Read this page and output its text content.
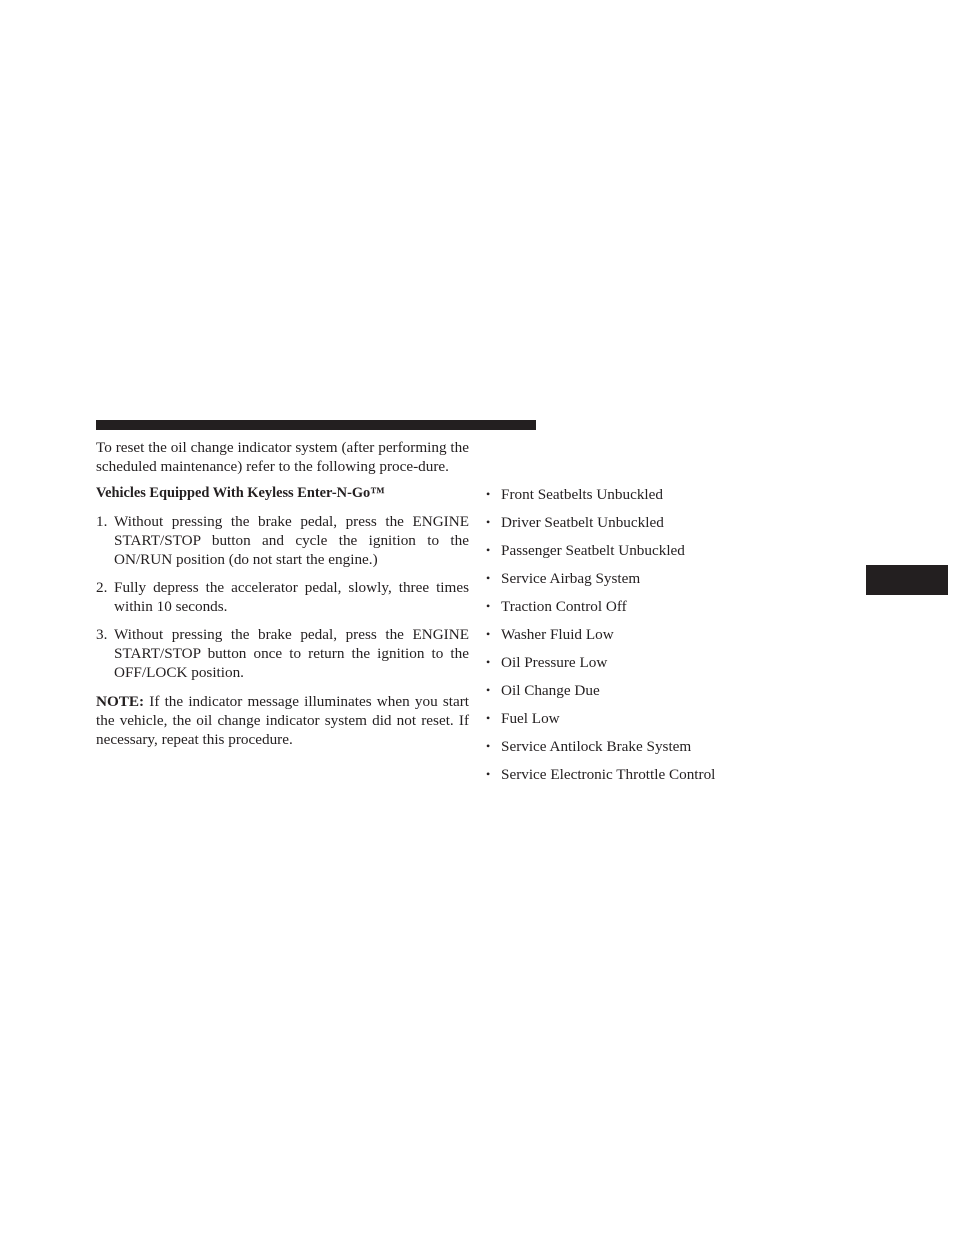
To reset the oil change indicator system (after performing the scheduled maintenance) refer to the following proce-dure.

Vehicles Equipped With Keyless Enter-N-Go™

1. Without pressing the brake pedal, press the ENGINE START/STOP button and cycle the ignition to the ON/RUN position (do not start the engine.)
2. Fully depress the accelerator pedal, slowly, three times within 10 seconds.
3. Without pressing the brake pedal, press the ENGINE START/STOP button once to return the ignition to the OFF/LOCK position.

NOTE: If the indicator message illuminates when you start the vehicle, the oil change indicator system did not reset. If necessary, repeat this procedure.

• Front Seatbelts Unbuckled
• Driver Seatbelt Unbuckled
• Passenger Seatbelt Unbuckled
• Service Airbag System
• Traction Control Off
• Washer Fluid Low
• Oil Pressure Low
• Oil Change Due
• Fuel Low
• Service Antilock Brake System
• Service Electronic Throttle Control
